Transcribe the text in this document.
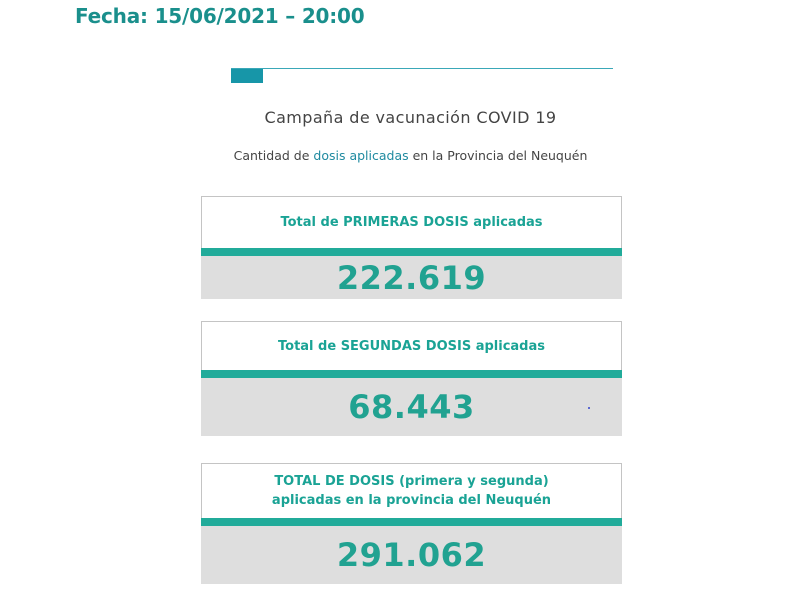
Fecha: 15/06/2021 – 20:00
Campaña de vacunación COVID 19
Cantidad de dosis aplicadas en la Provincia del Neuquén
Total de PRIMERAS DOSIS aplicadas
222.619
Total de SEGUNDAS DOSIS aplicadas
68.443
TOTAL DE DOSIS (primera y segunda)
aplicadas en la provincia del Neuquén
291.062
